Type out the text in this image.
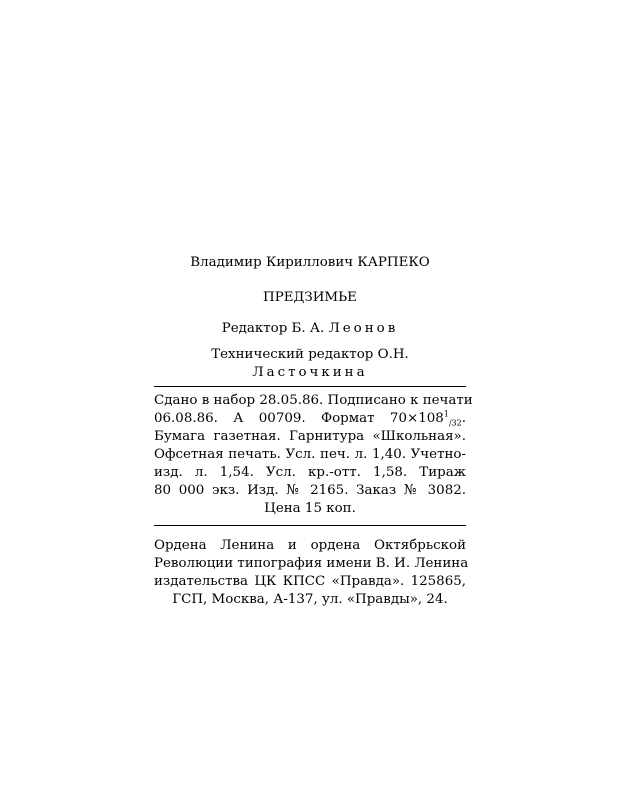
Владимир Кириллович КАРПЕКО

ПРЕДЗИМЬЕ

Редактор Б. А. Леонов

Технический редактор О.Н. Ласточкина

Сдано в набор 28.05.86. Подписано к печати
06.08.86. А 00709. Формат $70\times 108^1_{/32}$.
Бумага газетная. Гарнитура «Школьная».
Офсетная печать. Усл. печ. л. 1,40. Учетно-
изд. л. 1,54. Усл. кр.-отт. 1,58. Тираж
80 000 экз. Изд. № 2165. Заказ № 3082.
Цена 15 коп.
Ордена Ленина и ордена Октябрьской
Революции типография имени В. И. Ленина
издательства ЦК КПСС «Правда». 125865,
ГСП, Москва, А-137, ул. «Правды», 24.
